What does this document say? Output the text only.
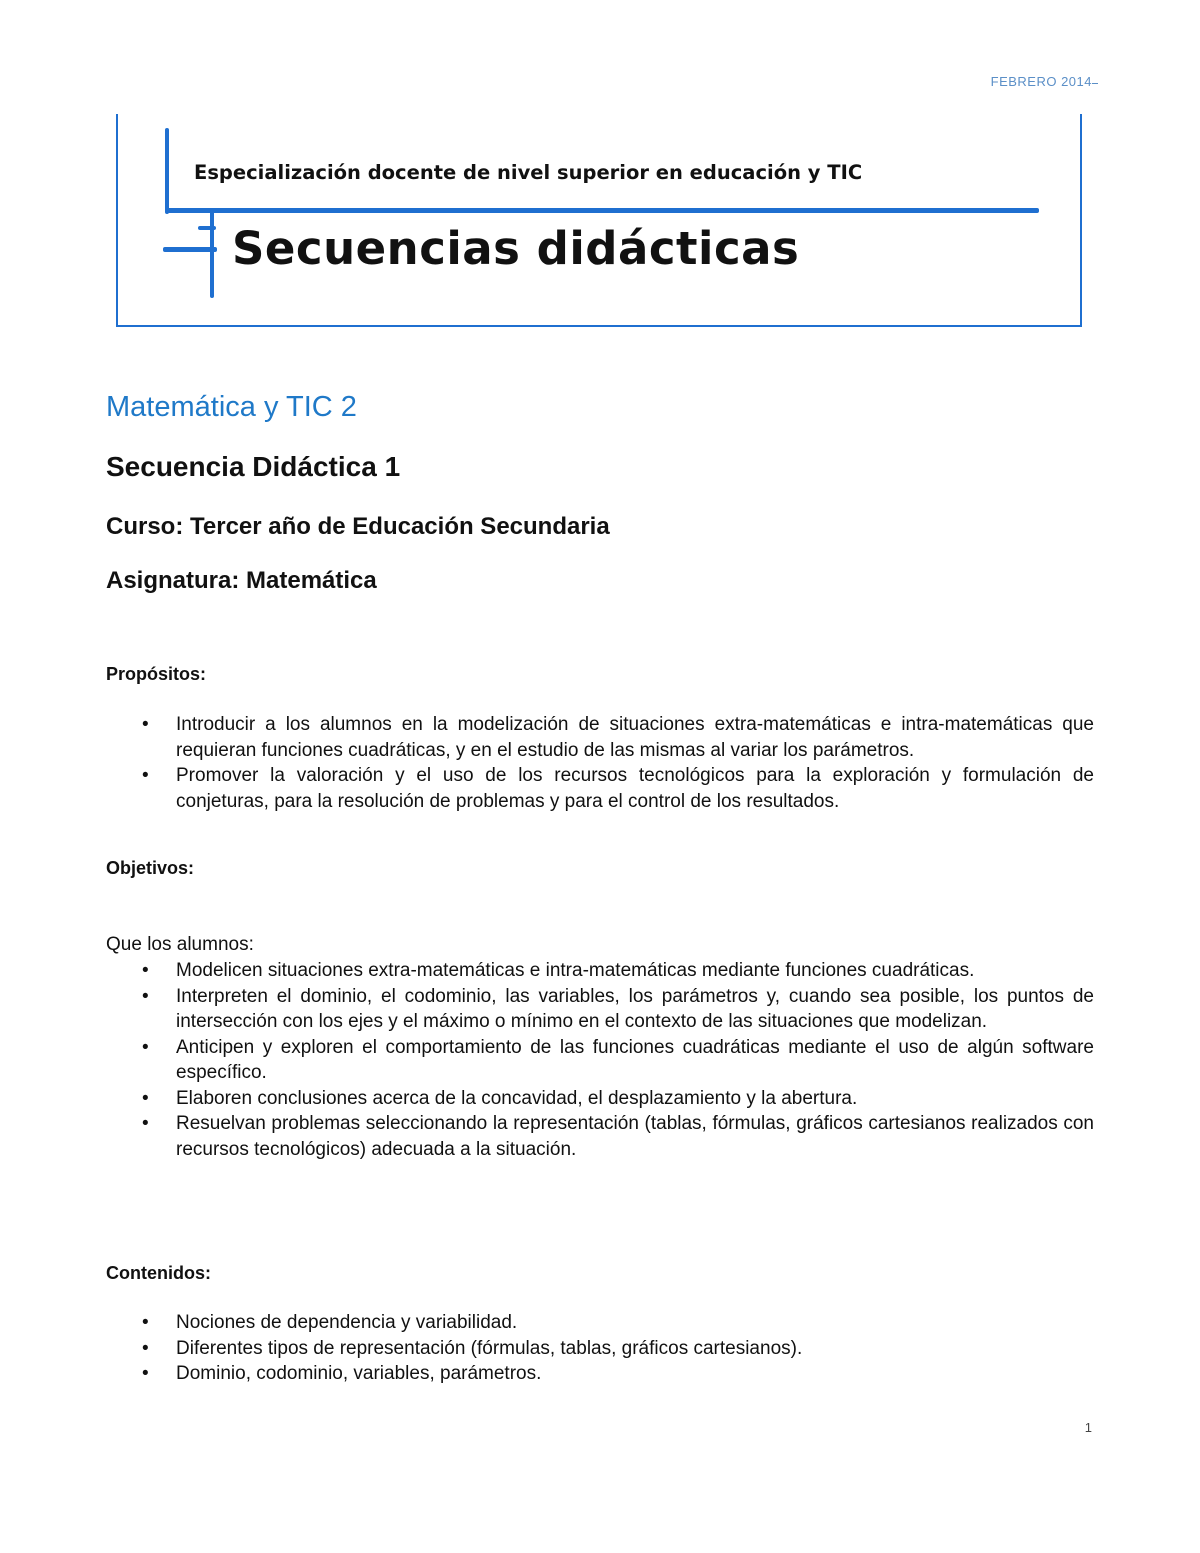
FEBRERO 2014
Especialización docente de nivel superior en educación y TIC
Secuencias didácticas
Matemática y TIC 2
Secuencia Didáctica 1
Curso: Tercer año de Educación Secundaria
Asignatura: Matemática
Propósitos:
• Introducir a los alumnos en la modelización de situaciones extra-matemáticas e intra-matemáticas que requieran funciones cuadráticas, y en el estudio de las mismas al variar los parámetros.
• Promover la valoración y el uso de los recursos tecnológicos para la exploración y formulación de conjeturas, para la resolución de problemas y para el control de los resultados.
Objetivos:
Que los alumnos:
• Modelicen situaciones extra-matemáticas e intra-matemáticas mediante funciones cuadráticas.
• Interpreten el dominio, el codominio, las variables, los parámetros y, cuando sea posible, los puntos de intersección con los ejes y el máximo o mínimo en el contexto de las situaciones que modelizan.
• Anticipen y exploren el comportamiento de las funciones cuadráticas mediante el uso de algún software específico.
• Elaboren conclusiones acerca de la concavidad, el desplazamiento y la abertura.
• Resuelvan problemas seleccionando la representación (tablas, fórmulas, gráficos cartesianos realizados con recursos tecnológicos) adecuada a la situación.
Contenidos:
• Nociones de dependencia y variabilidad.
• Diferentes tipos de representación (fórmulas, tablas, gráficos cartesianos).
• Dominio, codominio, variables, parámetros.
1
